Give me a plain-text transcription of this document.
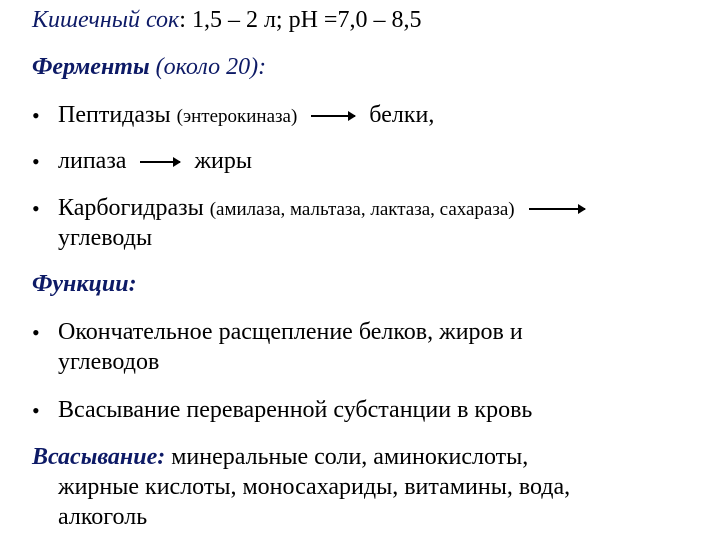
Кишечный сок: 1,5 – 2 л; pH =7,0 – 8,5
Ферменты (около 20):
• Пептидазы (энтерокиназа)	белки,
• липаза	жиры
• Карбогидразы (амилаза, мальтаза, лактаза, сахараза)
углеводы
Функции:
• Окончательное расщепление белков, жиров и
углеводов
• Всасывание переваренной субстанции в кровь
Всасывание: минеральные соли, аминокислоты,
жирные кислоты, моносахариды, витамины, вода,
алкоголь
